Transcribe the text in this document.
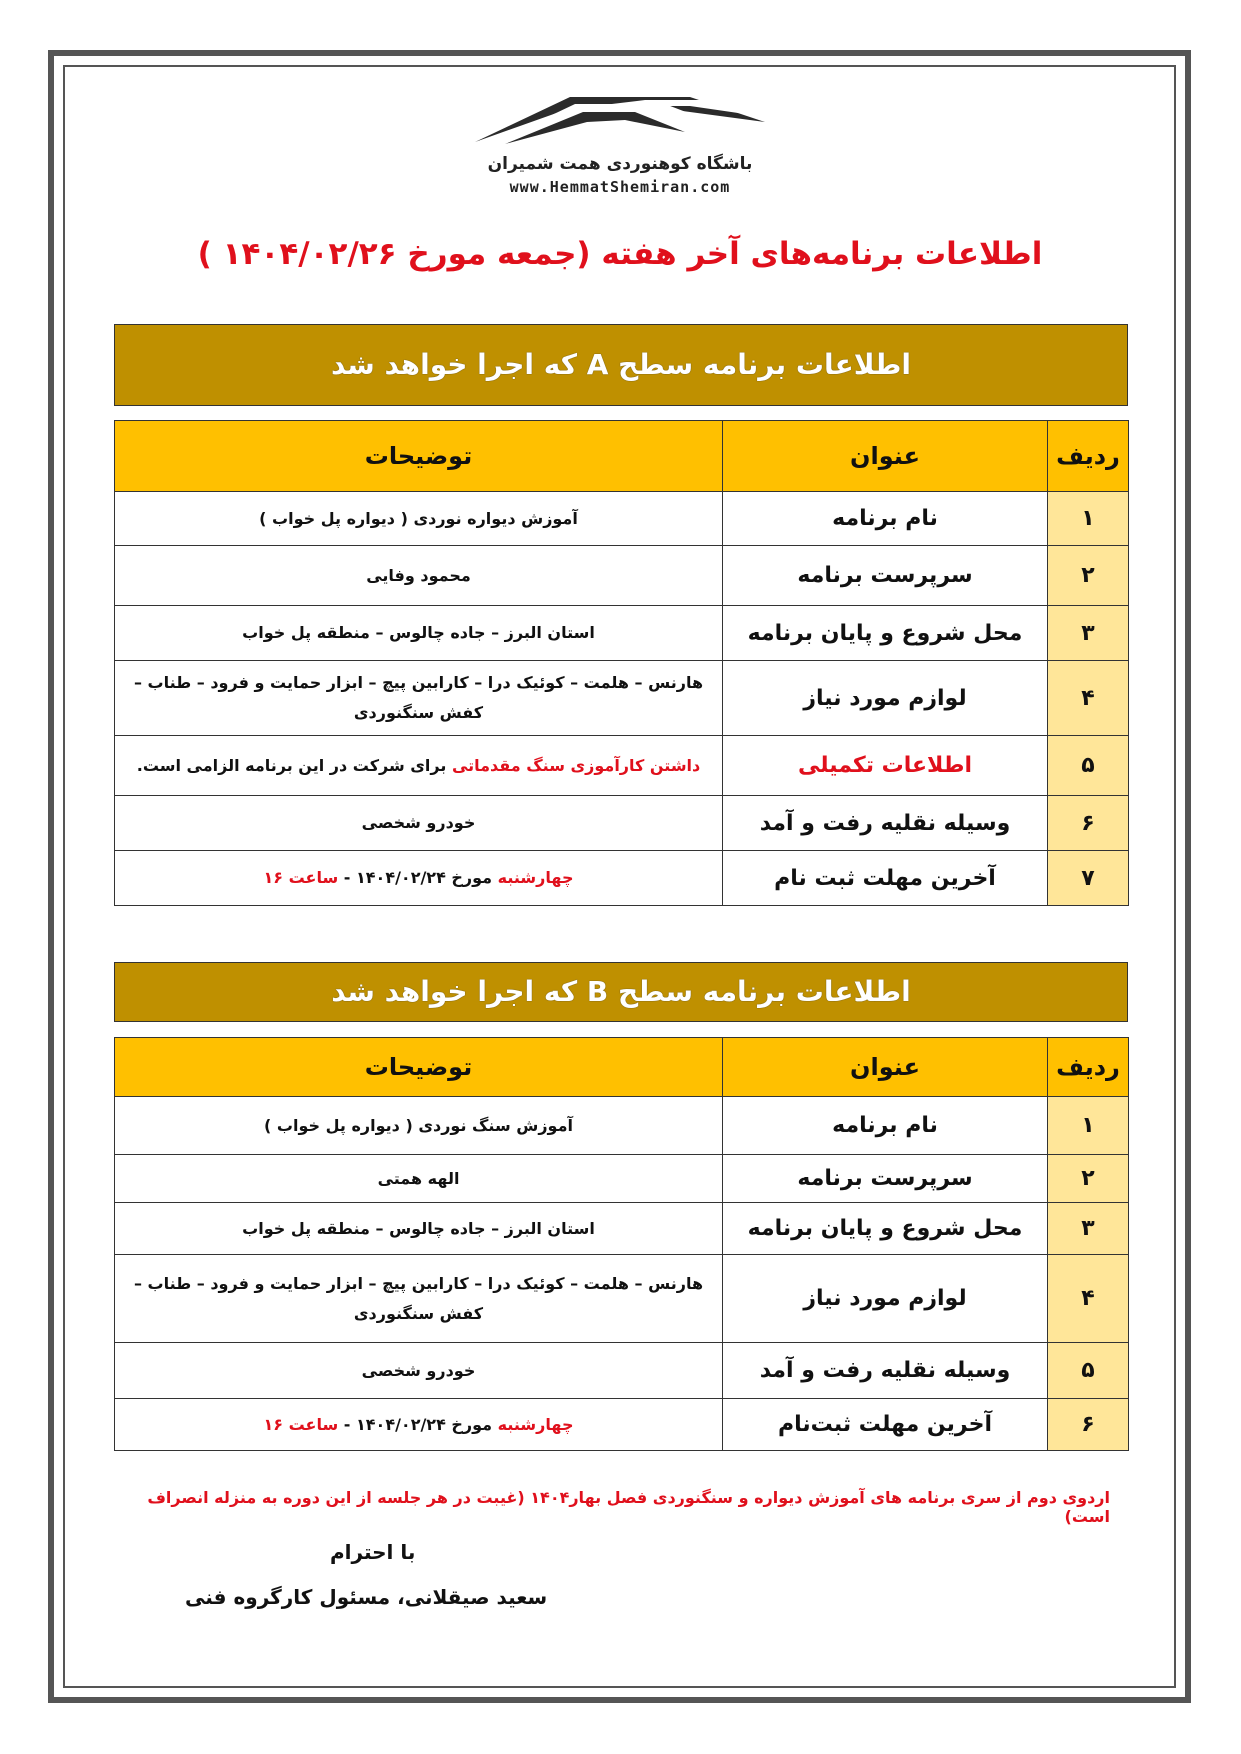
باشگاه کوهنوردی همت شمیران
www.HemmatShemiran.com
اطلاعات برنامه‌های آخر هفته (جمعه مورخ ۱۴۰۴/۰۲/۲۶ )
اطلاعات برنامه سطح A که اجرا خواهد شد
ردیف	عنوان	توضیحات
۱	نام برنامه	آموزش دیواره نوردی ( دیواره پل خواب )
۲	سرپرست برنامه	محمود وفایی
۳	محل شروع و پایان برنامه	استان البرز – جاده چالوس – منطقه پل خواب
۴	لوازم مورد نیاز	هارنس – هلمت – کوئیک درا – کارابین پیچ – ابزار حمایت و فرود – طناب – کفش سنگنوردی
۵	اطلاعات تکمیلی	داشتن کارآموزی سنگ مقدماتی برای شرکت در این برنامه الزامی است.
۶	وسیله نقلیه رفت و آمد	خودرو شخصی
۷	آخرین مهلت ثبت نام	چهارشنبه مورخ ۱۴۰۴/۰۲/۲۴ - ساعت ۱۶
اطلاعات برنامه سطح B که اجرا خواهد شد
ردیف	عنوان	توضیحات
۱	نام برنامه	آموزش سنگ نوردی ( دیواره پل خواب )
۲	سرپرست برنامه	الهه همتی
۳	محل شروع و پایان برنامه	استان البرز – جاده چالوس – منطقه پل خواب
۴	لوازم مورد نیاز	هارنس – هلمت – کوئیک درا – کارابین پیچ – ابزار حمایت و فرود – طناب – کفش سنگنوردی
۵	وسیله نقلیه رفت و آمد	خودرو شخصی
۶	آخرین مهلت ثبت‌نام	چهارشنبه مورخ ۱۴۰۴/۰۲/۲۴ - ساعت ۱۶
اردوی دوم از سری برنامه های آموزش دیواره و سنگنوردی فصل بهار۱۴۰۴ (غیبت در هر جلسه از این دوره به منزله انصراف است)
با احترام
سعید صیقلانی، مسئول کارگروه فنی
